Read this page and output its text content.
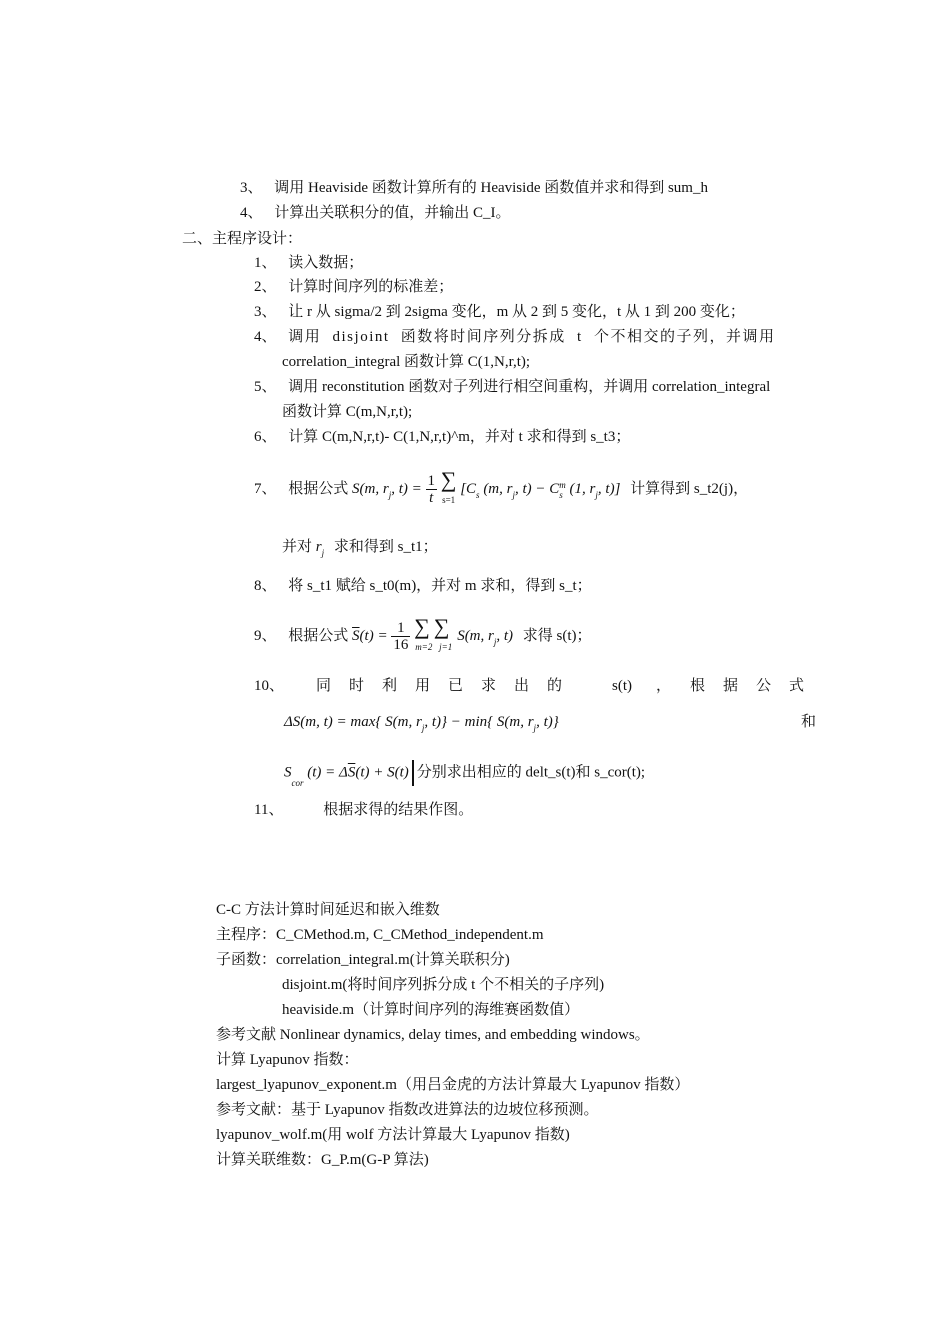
3、 调用 Heaviside 函数计算所有的 Heaviside 函数值并求和得到 sum_h
4、 计算出关联积分的值，并输出 C_I。
二、主程序设计：
1、 读入数据；
2、 计算时间序列的标准差；
3、 让 r 从 sigma/2 到 2sigma 变化，m 从 2 到 5 变化，t 从 1 到 200 变化；
4、 调用 disjoint 函数将时间序列分拆成 t 个不相交的子列，并调用
correlation_integral 函数计算 C(1,N,r,t);
5、 调用 reconstitution 函数对子列进行相空间重构，并调用 correlation_integral
函数计算 C(m,N,r,t);
6、 计算 C(m,N,r,t)- C(1,N,r,t)^m，并对 t 求和得到 s_t3；
7、 根据公式 S(m, $r_j$, $t) = \frac{1}{t}$
∑
s=1
[$C_s$ (m, $r_j$, t) − C m
s (1, $r_j$, t)] 计算得到 s_t2(j)，
并对 $r_j$ 求和得到 s_t1；
8、 将 s_t1 赋给 s_t0(m)，并对 m 求和，得到 s_t；
9、 根据公式 $\overline{S}(t) = \frac{1}{16}$
∑∑
m=2   j=1
S(m, $r_j$, t) 求得 s(t)；
10、 同时利用已求出的 s(t) ， 根据公式
ΔS(m, t) = max{ S(m, $r_j$, t)} − min{ S(m, $r_j$, t)}	和
$S_{cor}$ $(t) = \Delta\overline{S}(t) + S(t)$ 分别求出相应的 delt_s(t)和 s_cor(t);
11、	根据求得的结果作图。
C-C 方法计算时间延迟和嵌入维数
主程序：C_CMethod.m, C_CMethod_independent.m
子函数：correlation_integral.m(计算关联积分)
disjoint.m(将时间序列拆分成 t 个不相关的子序列)
heaviside.m（计算时间序列的海维赛函数值）
参考文献 Nonlinear dynamics, delay times, and embedding windows。
计算 Lyapunov 指数：
largest_lyapunov_exponent.m（用吕金虎的方法计算最大 Lyapunov 指数）
参考文献：基于 Lyapunov 指数改进算法的边坡位移预测。
lyapunov_wolf.m(用 wolf 方法计算最大 Lyapunov 指数)
计算关联维数：G_P.m(G-P 算法)
